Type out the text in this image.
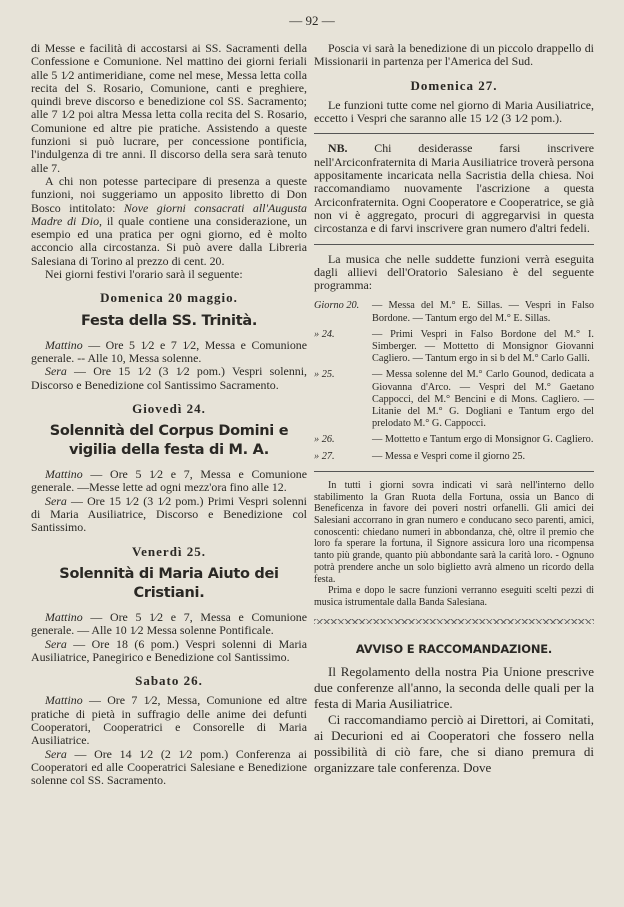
— 92 —

di Messe e facilità di accostarsi ai SS. Sacramenti della Confessione e Comunione. Nel mattino dei giorni feriali alle 5 1⁄2 antimeridiane, come nel mese, Messa letta colla recita del S. Rosario, Comunione, canti e preghiere, quindi breve discorso e benedizione col SS. Sacramento; alle 7 1⁄2 poi altra Messa letta colla recita del S. Rosario, Comunione ed altre pie pratiche. Assistendo a queste funzioni si può lucrare, per concessione pontificia, l'indulgenza di tre anni. Il discorso della sera sarà tenuto alle 7.

A chi non potesse partecipare di presenza a queste funzioni, noi suggeriamo un apposito libretto di Don Bosco intitolato: Nove giorni consacrati all'Augusta Madre di Dio, il quale contiene una considerazione, un esempio ed una pratica per ogni giorno, ed è molto acconcio alla circostanza. Si può avere dalla Libreria Salesiana di Torino al prezzo di cent. 20.

Nei giorni festivi l'orario sarà il seguente:

Domenica 20 maggio.
Festa della SS. Trinità.

Mattino — Ore 5 1⁄2 e 7 1⁄2, Messa e Comunione generale. -- Alle 10, Messa solenne.

Sera — Ore 15 1⁄2 (3 1⁄2 pom.) Vespri solenni, Discorso e Benedizione col Santissimo Sacramento.

Giovedì 24.
Solennità del Corpus Domini e vigilia della festa di M. A.

Mattino — Ore 5 1⁄2 e 7, Messa e Comunione generale. —Messe lette ad ogni mezz'ora fino alle 12.

Sera — Ore 15 1⁄2 (3 1⁄2 pom.) Primi Vespri solenni di Maria Ausiliatrice, Discorso e Benedizione col Santissimo.

Venerdì 25.
Solennità di Maria Aiuto dei Cristiani.

Mattino — Ore 5 1⁄2 e 7, Messa e Comunione generale. — Alle 10 1⁄2 Messa solenne Pontificale.

Sera — Ore 18 (6 pom.) Vespri solenni di Maria Ausiliatrice, Panegirico e Benedizione col Santissimo.

Sabato 26.

Mattino — Ore 7 1⁄2, Messa, Comunione ed altre pratiche di pietà in suffragio delle anime dei defunti Cooperatori, Cooperatrici e Consorelle di Maria Ausiliatrice.

Sera — Ore 14 1⁄2 (2 1⁄2 pom.) Conferenza ai Cooperatori ed alle Cooperatrici Salesiane e Benedizione solenne col SS. Sacramento.

Poscia vi sarà la benedizione di un piccolo drappello di Missionarii in partenza per l'America del Sud.

Domenica 27.

Le funzioni tutte come nel giorno di Maria Ausiliatrice, eccetto i Vespri che saranno alle 15 1⁄2 (3 1⁄2 pom.).

NB. Chi desiderasse farsi inscrivere nell'Arciconfraternita di Maria Ausiliatrice troverà persona appositamente incaricata nella Sacristia della chiesa. Noi raccomandiamo nuovamente l'ascrizione a questa Arciconfraternita. Ogni Cooperatore e Cooperatrice, se già non vi è aggregato, procuri di aggregarvisi in questa circostanza e di farvi inscrivere gran numero d'altri fedeli.

La musica che nelle suddette funzioni verrà eseguita dagli allievi dell'Oratorio Salesiano è del seguente programma:

Giorno 20.	— Messa del M.° E. Sillas. — Vespri in Falso Bordone. — Tantum ergo del M.° E. Sillas.
» 24.	— Primi Vespri in Falso Bordone del M.° I. Simberger. — Mottetto di Monsignor Giovanni Cagliero. — Tantum ergo in si b del M.° Carlo Galli.
» 25.	— Messa solenne del M.° Carlo Gounod, dedicata a Giovanna d'Arco. — Vespri del M.° Gaetano Cappocci, del M.° Bencini e di Mons. Cagliero. — Litanie del M.° G. Dogliani e Tantum ergo del prelodato M.° G. Cappocci.
» 26.	— Mottetto e Tantum ergo di Monsignor G. Cagliero.
» 27.	— Messa e Vespri come il giorno 25.

In tutti i giorni sovra indicati vi sarà nell'interno dello stabilimento la Gran Ruota della Fortuna, ossia un Banco di Beneficenza in favore dei poveri nostri orfanelli. Gli amici dei Salesiani accorrano in gran numero e conducano seco parenti, amici, conoscenti: chiedano numeri in abbondanza, chè, oltre il premio che loro fa sperare la fortuna, il Signore assicura loro una ricompensa tanto più grande, quanto più abbondante sarà la carità loro. - Ognuno potrà prendere anche un solo biglietto avrà almeno un ricordo della festa.

Prima e dopo le sacre funzioni verranno eseguiti scelti pezzi di musica istrumentale dalla Banda Salesiana.

AVVISO E RACCOMANDAZIONE.

Il Regolamento della nostra Pia Unione prescrive due conferenze all'anno, la seconda delle quali per la festa di Maria Ausiliatrice.

Ci raccomandiamo perciò ai Direttori, ai Comitati, ai Decurioni ed ai Cooperatori che fossero nella possibilità di ciò fare, che si diano premura di organizzare tale conferenza. Dove
